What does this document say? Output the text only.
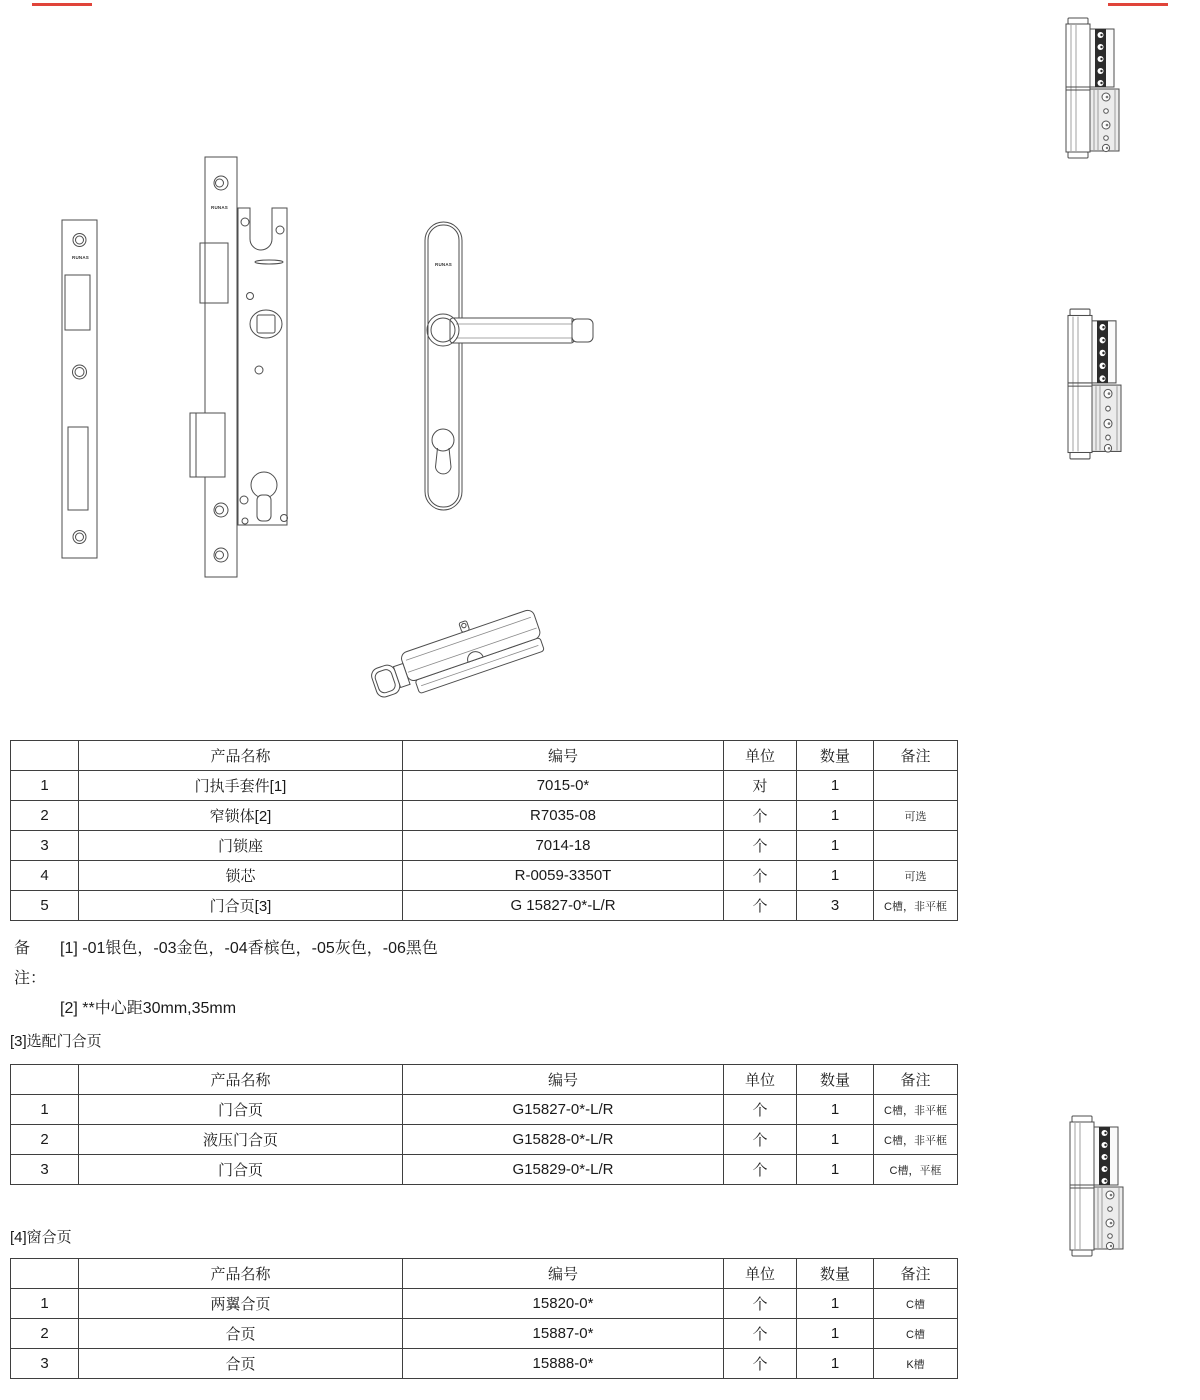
RUNAS
RUNAS
RUNAS
	产品名称	编号	单位	数量	备注
1	门执手套件[1]	7015-0*	对	1	
2	窄锁体[2]	R7035-08	个	1	可选
3	门锁座	7014-18	个	1	
4	锁芯	R-0059-3350T	个	1	可选
5	门合页[3]	G 15827-0*-L/R	个	3	C槽，非平框
备注：
[1] -01银色，-03金色，-04香槟色，-05灰色，-06黑色
[2] **中心距30mm,35mm
[3]选配门合页
	产品名称	编号	单位	数量	备注
1	门合页	G15827-0*-L/R	个	1	C槽，非平框
2	液压门合页	G15828-0*-L/R	个	1	C槽，非平框
3	门合页	G15829-0*-L/R	个	1	C槽，平框
[4]窗合页
	产品名称	编号	单位	数量	备注
1	两翼合页	15820-0*	个	1	C槽
2	合页	15887-0*	个	1	C槽
3	合页	15888-0*	个	1	K槽
